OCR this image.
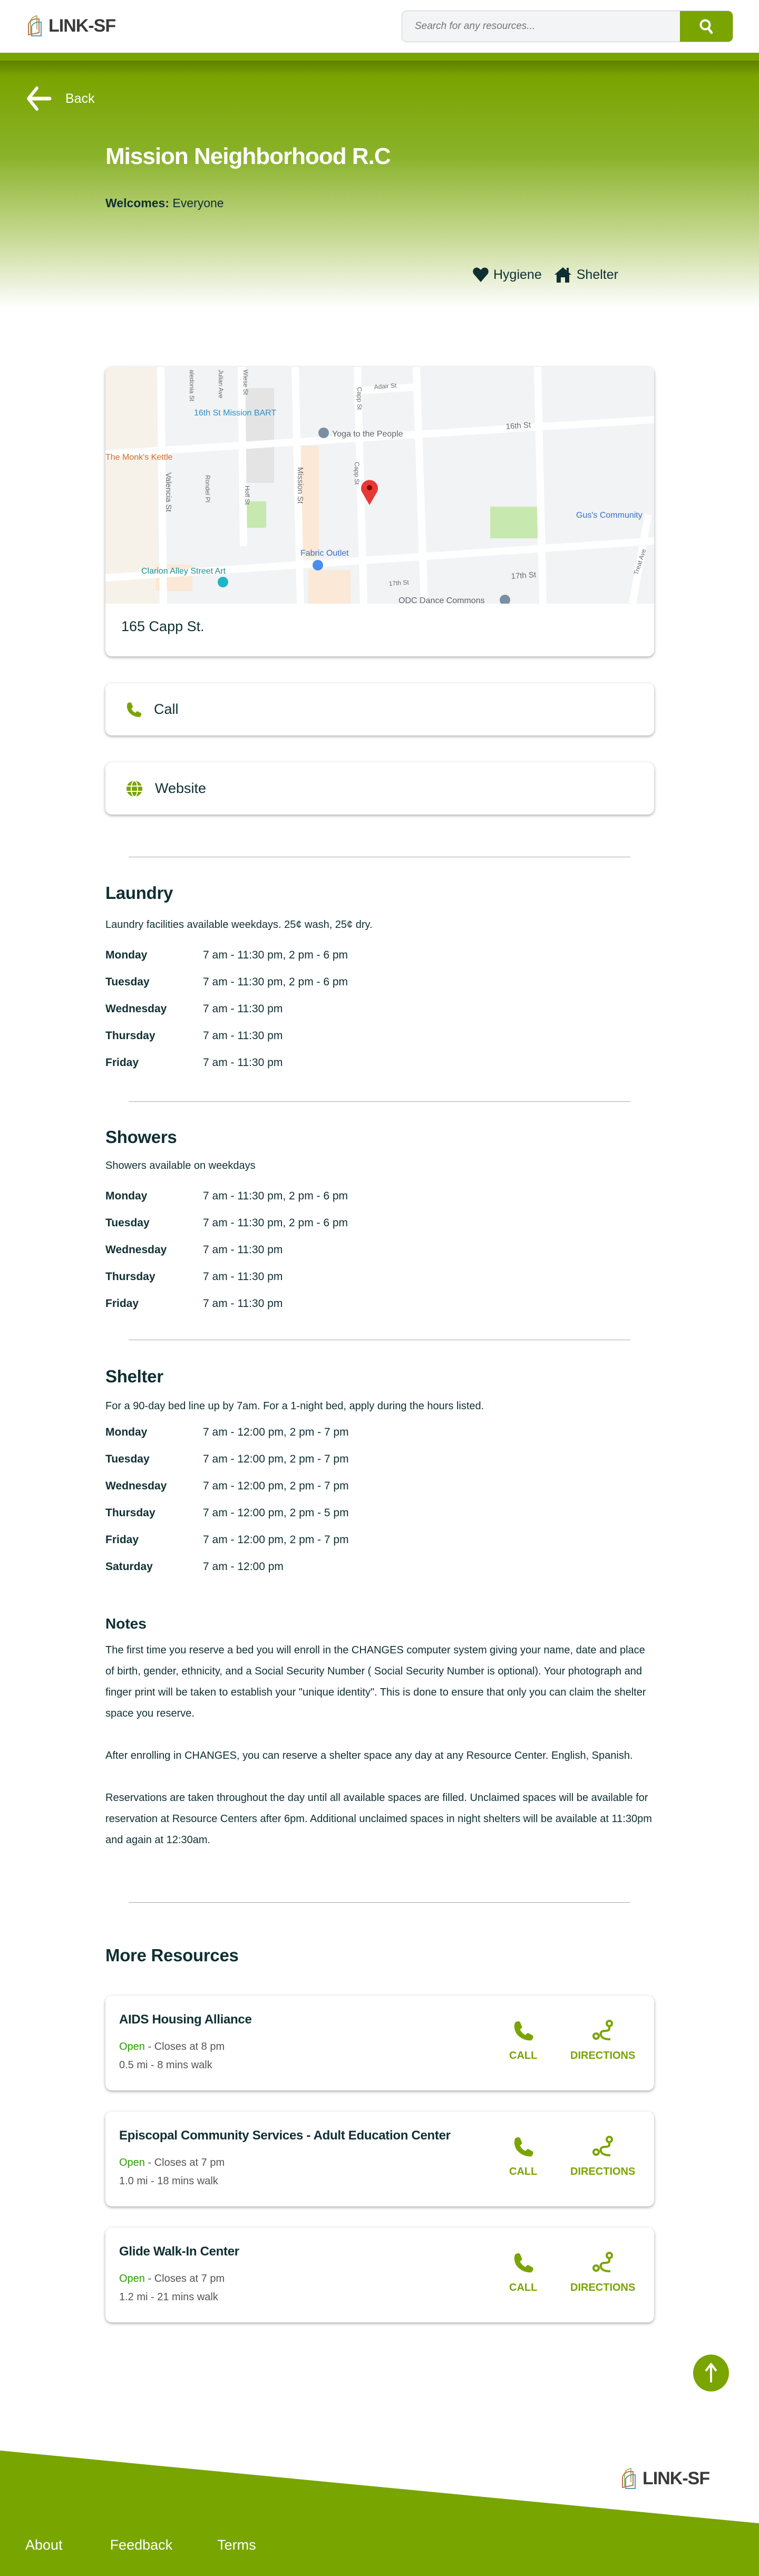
LINK-SF
Search for any resources...
Back
Mission Neighborhood R.C
Welcomes: Everyone
Hygiene	Shelter
16th St
17th St
17th St
Adair St
Capp St
Capp St
Mission St
Valencia St	Hoff St
Rondel Pl
Julian Ave	Wiese St
aledonia St
Treat Ave
16th St Mission BART
The Monk's Kettle
Yoga to the People
Gus's Community
Fabric Outlet
Clarion Alley Street Art
ODC Dance Commons
165 Capp St.
Call
Website
Laundry

Laundry facilities available weekdays. 25¢ wash, 25¢ dry.

Monday	7 am - 11:30 pm, 2 pm - 6 pm
Tuesday	7 am - 11:30 pm, 2 pm - 6 pm
Wednesday	7 am - 11:30 pm
Thursday	7 am - 11:30 pm
Friday	7 am - 11:30 pm
Showers

Showers available on weekdays

Monday	7 am - 11:30 pm, 2 pm - 6 pm
Tuesday	7 am - 11:30 pm, 2 pm - 6 pm
Wednesday	7 am - 11:30 pm
Thursday	7 am - 11:30 pm
Friday	7 am - 11:30 pm
Shelter

For a 90-day bed line up by 7am. For a 1-night bed, apply during the hours listed.

Monday	7 am - 12:00 pm, 2 pm - 7 pm
Tuesday	7 am - 12:00 pm, 2 pm - 7 pm
Wednesday	7 am - 12:00 pm, 2 pm - 7 pm
Thursday	7 am - 12:00 pm, 2 pm - 5 pm
Friday	7 am - 12:00 pm, 2 pm - 7 pm
Saturday	7 am - 12:00 pm
Notes

The first time you reserve a bed you will enroll in the CHANGES computer system giving your name, date and place of birth, gender, ethnicity, and a Social Security Number ( Social Security Number is optional). Your photograph and finger print will be taken to establish your "unique identity". This is done to ensure that only you can claim the shelter space you reserve.

After enrolling in CHANGES, you can reserve a shelter space any day at any Resource Center. English, Spanish.

Reservations are taken throughout the day until all available spaces are filled. Unclaimed spaces will be available for reservation at Resource Centers after 6pm. Additional unclaimed spaces in night shelters will be available at 11:30pm and again at 12:30am.

More Resources
AIDS Housing Alliance
Open - Closes at 8 pm
0.5 mi - 8 mins walk
CALL	DIRECTIONS
Episcopal Community Services - Adult Education Center
Open - Closes at 7 pm
1.0 mi - 18 mins walk
CALL	DIRECTIONS
Glide Walk-In Center
Open - Closes at 7 pm
1.2 mi - 21 mins walk
CALL	DIRECTIONS
LINK-SF
About	Feedback	Terms
